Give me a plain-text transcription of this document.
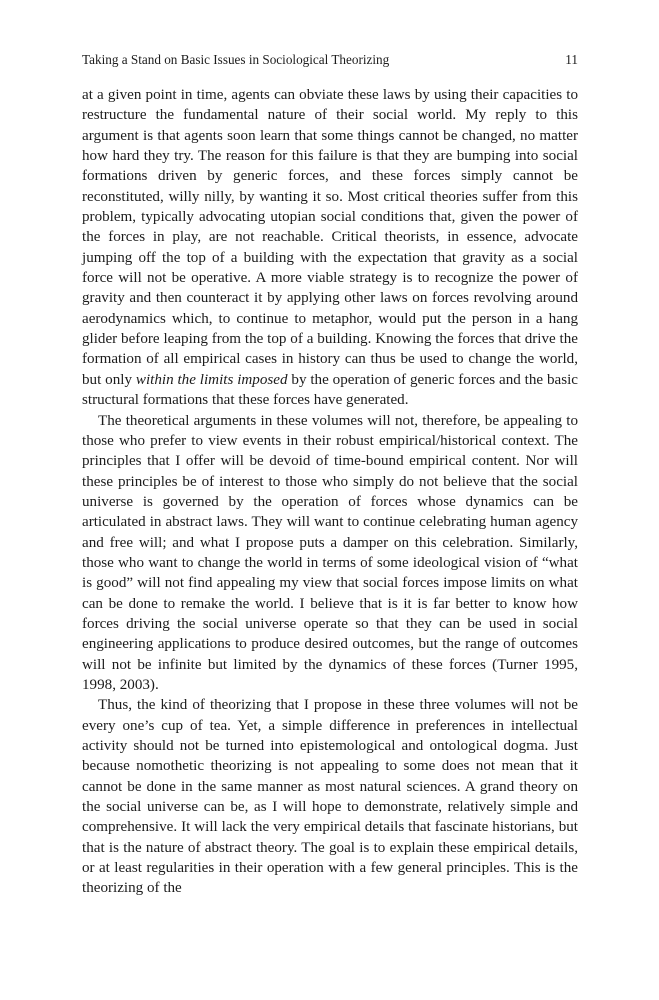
Taking a Stand on Basic Issues in Sociological Theorizing	11

at a given point in time, agents can obviate these laws by using their capacities to restructure the fundamental nature of their social world. My reply to this argument is that agents soon learn that some things cannot be changed, no matter how hard they try. The reason for this failure is that they are bumping into social formations driven by generic forces, and these forces simply cannot be reconstituted, willy nilly, by wanting it so. Most critical theories suffer from this problem, typically advocating utopian social conditions that, given the power of the forces in play, are not reachable. Critical theorists, in essence, advocate jumping off the top of a building with the expectation that gravity as a social force will not be operative. A more viable strategy is to recognize the power of gravity and then counteract it by applying other laws on forces revolving around aerodynamics which, to continue to metaphor, would put the person in a hang glider before leaping from the top of a building. Knowing the forces that drive the formation of all empirical cases in history can thus be used to change the world, but only within the limits imposed by the operation of generic forces and the basic structural formations that these forces have generated.

The theoretical arguments in these volumes will not, therefore, be appealing to those who prefer to view events in their robust empirical/historical context. The principles that I offer will be devoid of time-bound empirical content. Nor will these principles be of interest to those who simply do not believe that the social universe is governed by the operation of forces whose dynamics can be articulated in abstract laws. They will want to continue celebrating human agency and free will; and what I propose puts a damper on this celebration. Similarly, those who want to change the world in terms of some ideological vision of “what is good” will not find appealing my view that social forces impose limits on what can be done to remake the world. I believe that is it is far better to know how forces driving the social universe operate so that they can be used in social engineering applications to produce desired outcomes, but the range of outcomes will not be infinite but limited by the dynamics of these forces (Turner 1995, 1998, 2003).

Thus, the kind of theorizing that I propose in these three volumes will not be every one’s cup of tea. Yet, a simple difference in preferences in intellectual activity should not be turned into epistemological and ontological dogma. Just because nomothetic theorizing is not appealing to some does not mean that it cannot be done in the same manner as most natural sciences. A grand theory on the social universe can be, as I will hope to demonstrate, relatively simple and comprehensive. It will lack the very empirical details that fascinate historians, but that is the nature of abstract theory. The goal is to explain these empirical details, or at least regularities in their operation with a few general principles. This is the theorizing of the
